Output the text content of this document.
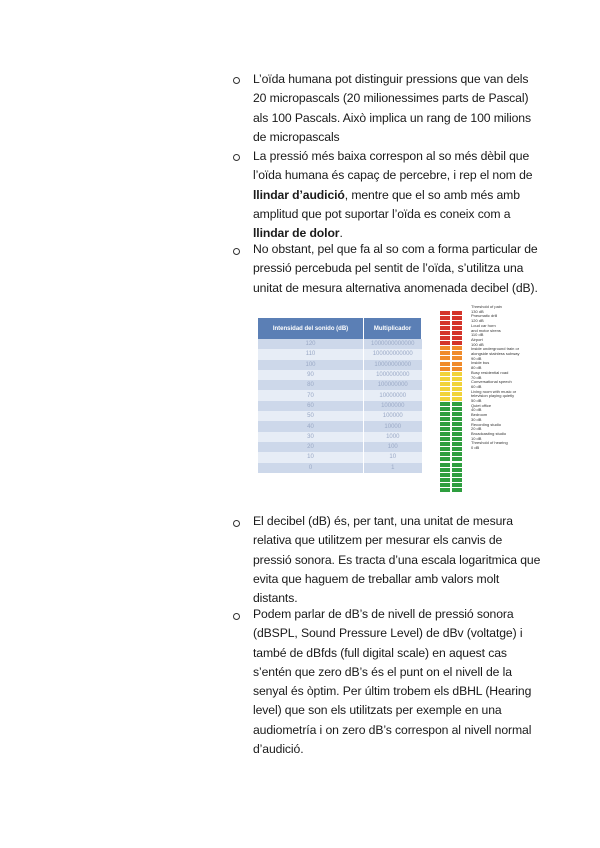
L’oïda humana pot distinguir pressions que van dels
20 micropascals (20 milionessimes parts de Pascal)
als 100 Pascals. Això implica un rang de 100 milions
de micropascals
La pressió més baixa correspon al so més dèbil que
l’oïda humana és capaç de percebre, i rep el nom de
llindar d’audició, mentre que el so amb més amb
amplitud que pot suportar l’oïda es coneix com a
llindar de dolor.
No obstant, pel que fa al so com a forma particular de
pressió percebuda pel sentit de l’oïda, s’utilitza una
unitat de mesura alternativa anomenada decibel (dB).
Intensidad del sonido (dB)	Multiplicador
120	1000000000000
110	100000000000
100	10000000000
90	1000000000
80	100000000
70	10000000
60	1000000
50	100000
40	10000
30	1000
20	100
10	10
0	1
Threshold of pain
130 dB
Pneumatic drill
120 dB
Loud car horn
and motor sirens
110 dB
Airport
100 dB
Inside underground train or
alongside stainless subway
90 dB
Inside bus
80 dB
Busy residential road
70 dB
Conversational speech
60 dB
Living room with music or
television playing quietly
50 dB
Quiet office
40 dB
Bedroom
30 dB
Recording studio
20 dB
Broadcasting studio
10 dB
Threshold of hearing
0 dB
El decibel (dB) és, per tant, una unitat de mesura
relativa que utilitzem per mesurar els canvis de
pressió sonora. Es tracta d’una escala logaritmica que
evita que haguem de treballar amb valors molt
distants.
Podem parlar de dB’s de nivell de pressió sonora
(dBSPL, Sound Pressure Level) de dBv (voltatge) i
també de dBfds (full digital scale) en aquest cas
s’entén que zero dB’s és el punt on el nivell de la
senyal és òptim. Per últim trobem els dBHL (Hearing
level) que son els utilitzats per exemple en una
audiometría i on zero dB’s correspon al nivell normal
d’audició.
